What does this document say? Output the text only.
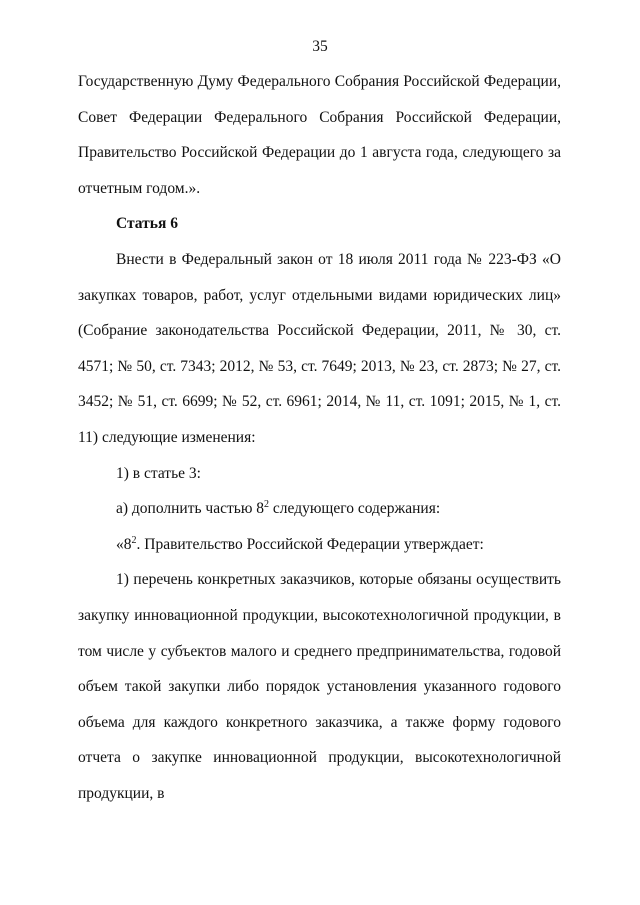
35

Государственную Думу Федерального Собрания Российской Федерации, Совет Федерации Федерального Собрания Российской Федерации, Правительство Российской Федерации до 1 августа года, следующего за отчетным годом.».

Статья 6

Внести в Федеральный закон от 18 июля 2011 года № 223-ФЗ «О закупках товаров, работ, услуг отдельными видами юридических лиц» (Собрание законодательства Российской Федерации, 2011, № 30, ст. 4571; № 50, ст. 7343; 2012, № 53, ст. 7649; 2013, № 23, ст. 2873; № 27, ст. 3452; № 51, ст. 6699; № 52, ст. 6961; 2014, № 11, ст. 1091; 2015, № 1, ст. 11) следующие изменения:

1) в статье 3:

а) дополнить частью $8^2$ следующего содержания:

«$8^2$. Правительство Российской Федерации утверждает:

1) перечень конкретных заказчиков, которые обязаны осуществить закупку инновационной продукции, высокотехнологичной продукции, в том числе у субъектов малого и среднего предпринимательства, годовой объем такой закупки либо порядок установления указанного годового объема для каждого конкретного заказчика, а также форму годового отчета о закупке инновационной продукции, высокотехнологичной продукции, в
